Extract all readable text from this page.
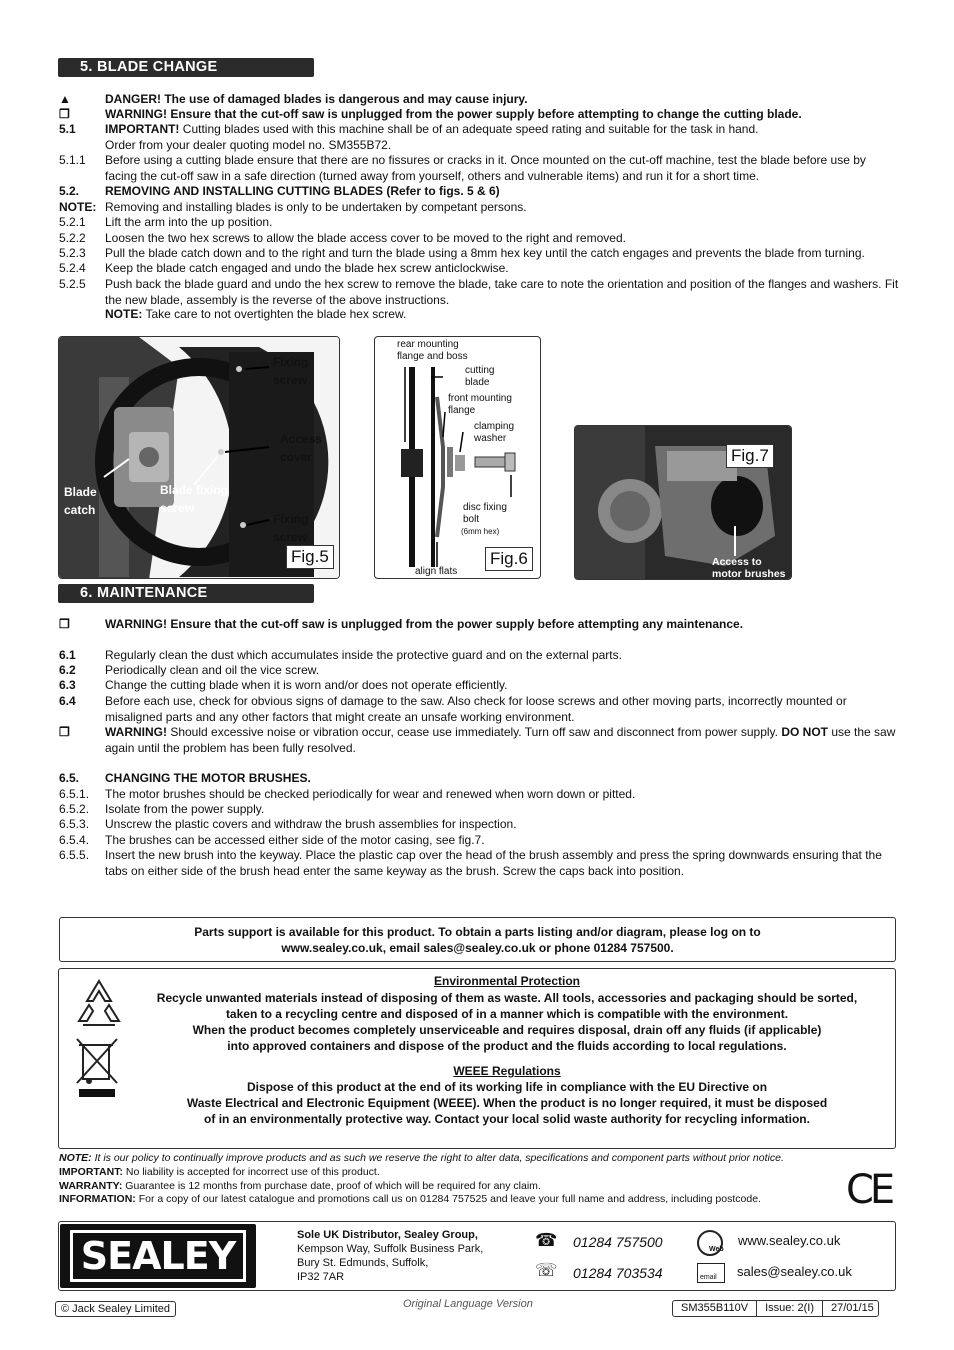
5. BLADE CHANGE
▲	DANGER! The use of damaged blades is dangerous and may cause injury.
❐	WARNING! Ensure that the cut-off saw is unplugged from the power supply before attempting to change the cutting blade.
5.1	IMPORTANT! Cutting blades used with this machine shall be of an adequate speed rating and suitable for the task in hand.
Order from your dealer quoting model no. SM355B72.
5.1.1	Before using a cutting blade ensure that there are no fissures or cracks in it. Once mounted on the cut-off machine, test the blade before use by facing the cut-off saw in a safe direction (turned away from yourself, others and vulnerable items) and run it for a short time.
5.2.	REMOVING AND INSTALLING CUTTING BLADES (Refer to figs. 5 & 6)
NOTE: Removing and installing blades is only to be undertaken by competant persons.
5.2.1	Lift the arm into the up position.
5.2.2	Loosen the two hex screws to allow the blade access cover to be moved to the right and removed.
5.2.3	Pull the blade catch down and to the right and turn the blade using a 8mm hex key until the catch engages and prevents the blade from turning.
5.2.4	Keep the blade catch engaged and undo the blade hex screw anticlockwise.
5.2.5	Push back the blade guard and undo the hex screw to remove the blade, take care to note the orientation and position of the flanges and washers. Fit the new blade, assembly is the reverse of the above instructions.
NOTE: Take care to not overtighten the blade hex screw.
Fixing
screw
Access
cover
Blade
catch
Blade fixing
screw
Fixing
screw
Fig.5
rear mounting
flange and boss
cutting
blade
front mounting
flange
clamping
washer
disc fixing
bolt
(6mm hex)
align flats
Fig.6
Fig.7
Access to
motor brushes
6. MAINTENANCE
❐	WARNING! Ensure that the cut-off saw is unplugged from the power supply before attempting any maintenance.
6.1	Regularly clean the dust which accumulates inside the protective guard and on the external parts.
6.2	Periodically clean and oil the vice screw.
6.3	Change the cutting blade when it is worn and/or does not operate efficiently.
6.4	Before each use, check for obvious signs of damage to the saw. Also check for loose screws and other moving parts, incorrectly mounted or misaligned parts and any other factors that might create an unsafe working environment.
❐	WARNING! Should excessive noise or vibration occur, cease use immediately. Turn off saw and disconnect from power supply. DO NOT use the saw again until the problem has been fully resolved.
6.5.	CHANGING THE MOTOR BRUSHES.
6.5.1.	The motor brushes should be checked periodically for wear and renewed when worn down or pitted.
6.5.2.	Isolate from the power supply.
6.5.3.	Unscrew the plastic covers and withdraw the brush assemblies for inspection.
6.5.4.	The brushes can be accessed either side of the motor casing, see fig.7.
6.5.5.	Insert the new brush into the keyway. Place the plastic cap over the head of the brush assembly and press the spring downwards ensuring that the tabs on either side of the brush head enter the same keyway as the brush. Screw the caps back into position.
Parts support is available for this product. To obtain a parts listing and/or diagram, please log on to
www.sealey.co.uk, email sales@sealey.co.uk or phone 01284 757500.
Environmental Protection
Recycle unwanted materials instead of disposing of them as waste. All tools, accessories and packaging should be sorted,
taken to a recycling centre and disposed of in a manner which is compatible with the environment.
When the product becomes completely unserviceable and requires disposal, drain off any fluids (if applicable)
into approved containers and dispose of the product and the fluids according to local regulations.
WEEE Regulations
Dispose of this product at the end of its working life in compliance with the EU Directive on
Waste Electrical and Electronic Equipment (WEEE). When the product is no longer required, it must be disposed
of in an environmentally protective way. Contact your local solid waste authority for recycling information.
NOTE: It is our policy to continually improve products and as such we reserve the right to alter data, specifications and component parts without prior notice.
IMPORTANT: No liability is accepted for incorrect use of this product.
WARRANTY: Guarantee is 12 months from purchase date, proof of which will be required for any claim.
INFORMATION: For a copy of our latest catalogue and promotions call us on 01284 757525 and leave your full name and address, including postcode. CE
SEALEY	Sole UK Distributor, Sealey Group,
Kempson Way, Suffolk Business Park,
Bury St. Edmunds, Suffolk,
IP32 7AR
☎ 01284 757500
☏ 01284 703534
Web
www.sealey.co.uk
email sales@sealey.co.uk
© Jack Sealey Limited	Original Language Version	SM355B110V	Issue: 2(I)	27/01/15
